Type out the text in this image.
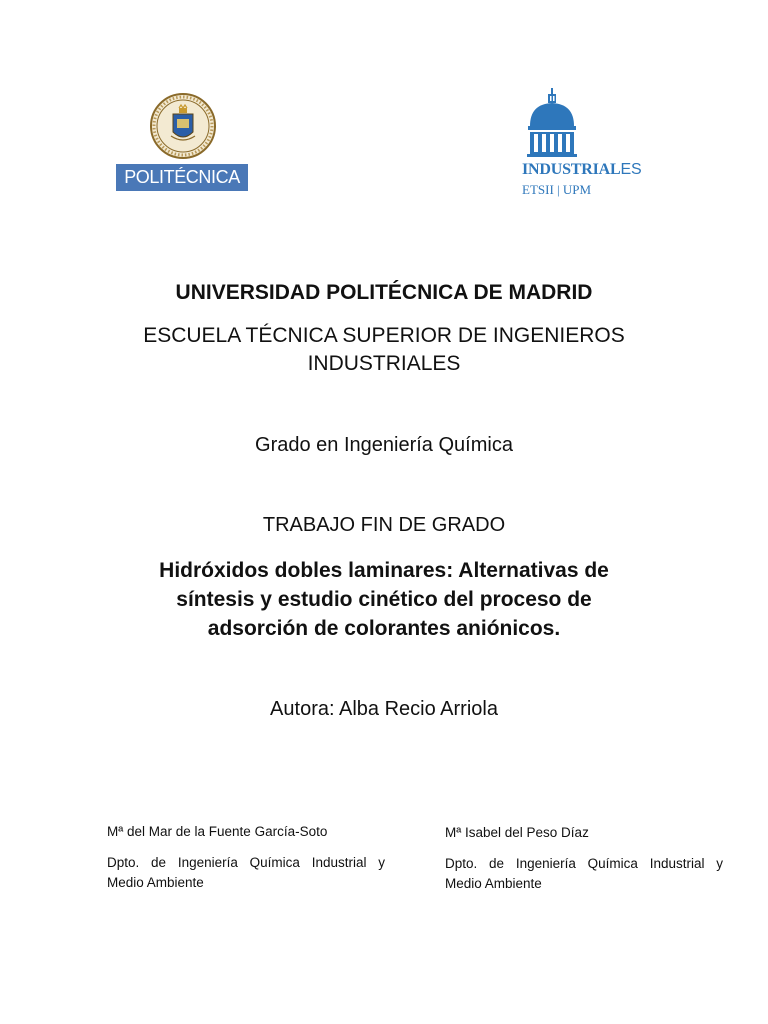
POLITÉCNICA	INDUSTRIALES
ETSII | UPM
UNIVERSIDAD POLITÉCNICA DE MADRID
ESCUELA TÉCNICA SUPERIOR DE INGENIEROS INDUSTRIALES
Grado en Ingeniería Química
TRABAJO FIN DE GRADO
Hidróxidos dobles laminares: Alternativas de síntesis y estudio cinético del proceso de adsorción de colorantes aniónicos.
Autora: Alba Recio Arriola
Mª del Mar de la Fuente García-Soto
Dpto. de Ingeniería Química Industrial y Medio Ambiente
Mª Isabel del Peso Díaz
Dpto. de Ingeniería Química Industrial y Medio Ambiente
